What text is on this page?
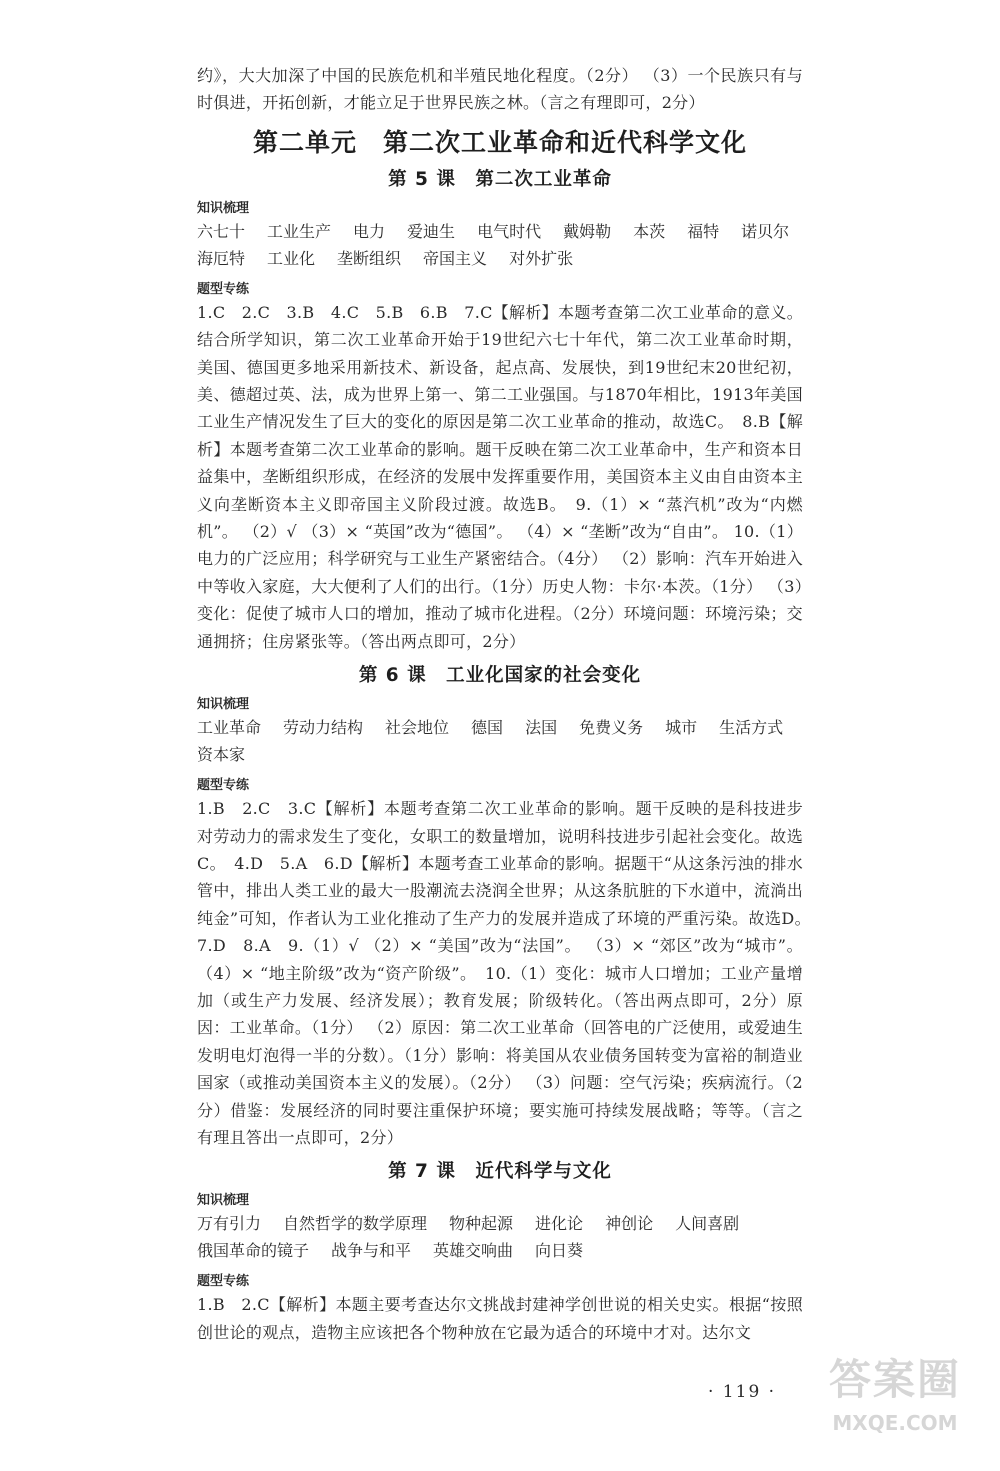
约》，大大加深了中国的民族危机和半殖民地化程度。（2分） （3）一个民族只有与时俱进，开拓创新，才能立足于世界民族之林。（言之有理即可，2分）

第二单元　第二次工业革命和近代科学文化
第 5 课　第二次工业革命
知识梳理
六七十 工业生产 电力 爱迪生 电气时代 戴姆勒 本茨 福特 诺贝尔
海厄特 工业化 垄断组织 帝国主义 对外扩张
题型专练

1.C　2.C　3.B　4.C　5.B　6.B　7.C【解析】本题考查第二次工业革命的意义。结合所学知识，第二次工业革命开始于19世纪六七十年代，第二次工业革命时期，美国、德国更多地采用新技术、新设备，起点高、发展快，到19世纪末20世纪初，美、德超过英、法，成为世界上第一、第二工业强国。与1870年相比，1913年美国工业生产情况发生了巨大的变化的原因是第二次工业革命的推动，故选C。　8.B【解析】本题考查第二次工业革命的影响。题干反映在第二次工业革命中，生产和资本日益集中，垄断组织形成，在经济的发展中发挥重要作用，美国资本主义由自由资本主义向垄断资本主义即帝国主义阶段过渡。故选B。　9.（1）× “蒸汽机”改为“内燃机”。 （2）√ （3）× “英国”改为“德国”。 （4）× “垄断”改为“自由”。 10.（1）电力的广泛应用；科学研究与工业生产紧密结合。（4分） （2）影响：汽车开始进入中等收入家庭，大大便利了人们的出行。（1分）历史人物：卡尔·本茨。（1分） （3）变化：促使了城市人口的增加，推动了城市化进程。（2分）环境问题：环境污染；交通拥挤；住房紧张等。（答出两点即可，2分）

第 6 课　工业化国家的社会变化
知识梳理
工业革命 劳动力结构 社会地位 德国 法国 免费义务 城市 生活方式
资本家
题型专练

1.B　2.C　3.C【解析】本题考查第二次工业革命的影响。题干反映的是科技进步对劳动力的需求发生了变化，女职工的数量增加，说明科技进步引起社会变化。故选C。　4.D　5.A　6.D【解析】本题考查工业革命的影响。据题干“从这条污浊的排水管中，排出人类工业的最大一股潮流去浇润全世界；从这条肮脏的下水道中，流淌出纯金”可知，作者认为工业化推动了生产力的发展并造成了环境的严重污染。故选D。　7.D　8.A　9.（1）√ （2）× “美国”改为“法国”。 （3）× “郊区”改为“城市”。 （4）× “地主阶级”改为“资产阶级”。　10.（1）变化：城市人口增加；工业产量增加（或生产力发展、经济发展）；教育发展；阶级转化。（答出两点即可，2分）原因：工业革命。（1分） （2）原因：第二次工业革命（回答电的广泛使用，或爱迪生发明电灯泡得一半的分数）。（1分）影响：将美国从农业债务国转变为富裕的制造业国家（或推动美国资本主义的发展）。（2分） （3）问题：空气污染；疾病流行。（2分）借鉴：发展经济的同时要注重保护环境；要实施可持续发展战略；等等。（言之有理且答出一点即可，2分）

第 7 课　近代科学与文化
知识梳理
万有引力 自然哲学的数学原理 物种起源 进化论 神创论 人间喜剧
俄国革命的镜子 战争与和平 英雄交响曲 向日葵
题型专练

1.B　2.C【解析】本题主要考查达尔文挑战封建神学创世说的相关史实。根据“按照创世论的观点，造物主应该把各个物种放在它最为适合的环境中才对。达尔文

· 119 ·	答案圈
MXQE.COM
